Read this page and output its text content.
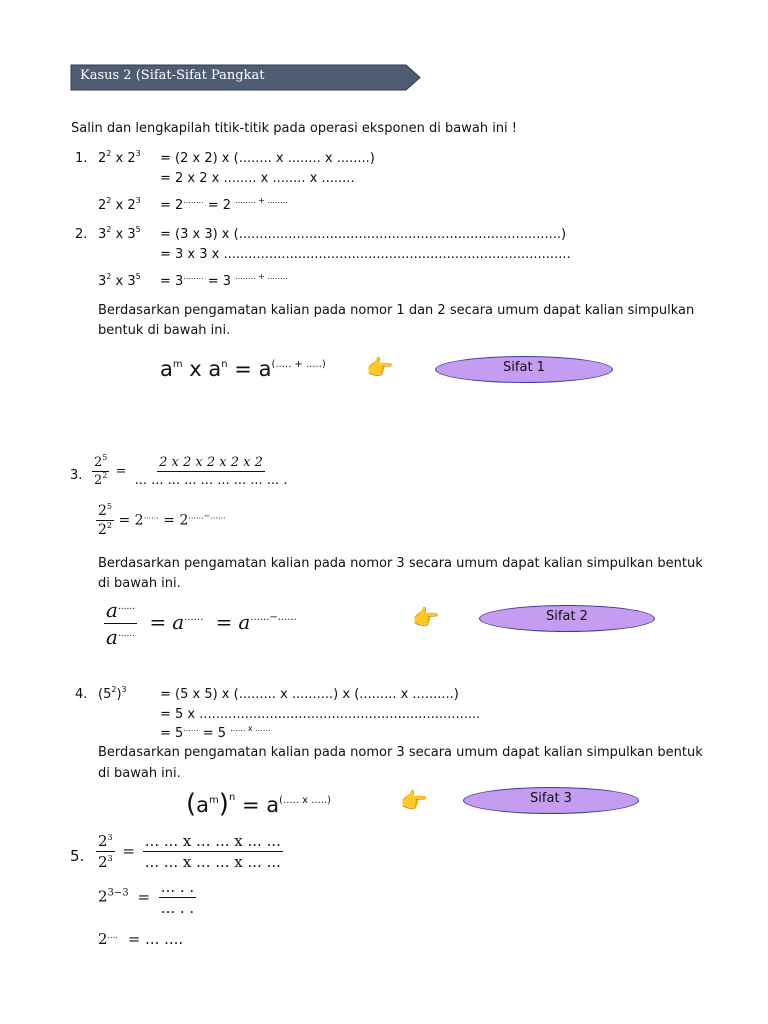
Kasus 2 (Sifat-Sifat Pangkat
Salin dan lengkapilah titik-titik pada operasi eksponen di bawah ini !
1. $2^2$ x $2^3 = (2$ x 2) x (........ x ........ x ........)
= 2 x 2 x ........ x ........ x ........
$2^2$ x $2^3 = 2^{........} = 2$ ........ + ........
2. $3^2$ x $3^5 = (3$ x 3) x (..............................................................................)
= 3 x 3 x ....................................................................................
$3^2$ x $3^5 = 3^{........} = 3$ ........ + ........
Berdasarkan pengamatan kalian pada nomor 1 dan 2 secara umum dapat kalian simpulkan
bentuk di bawah ini.
$a^m$ x $a^n = a^{(..... + .....)}$ 👉	Sifat 1
3. $\frac{2^5}{2^2} = \frac{2 x 2 x 2 x 2 x 2}{... ... ... ... ... ... ... ... ... .}$
$\frac{2^5}{2^2} = 2^{......} = 2^{......-......}$
Berdasarkan pengamatan kalian pada nomor 3 secara umum dapat kalian simpulkan bentuk
di bawah ini.
$\frac{a^{......}}{a^{......}} = a^{......} = a^{......-......}$	👉	Sifat 2
4. $(5^2)^3$	= (5 x 5) x (......... x ..........) x (......... x ..........)
= 5 x ....................................................................
= 5...... = 5 $^{...... x ......}$
Berdasarkan pengamatan kalian pada nomor 3 secara umum dapat kalian simpulkan bentuk
di bawah ini.
$(a^m)^n = a^{(..... x .....)}$	👉	Sifat 3
5. $\frac{2^3}{2^3} = \frac{... ... x ... ... x ... ...}{... ... x ... ... x ... ...}$
$2^{3-3} = \frac{... . .}{... . .}$
2.... = ... ....
